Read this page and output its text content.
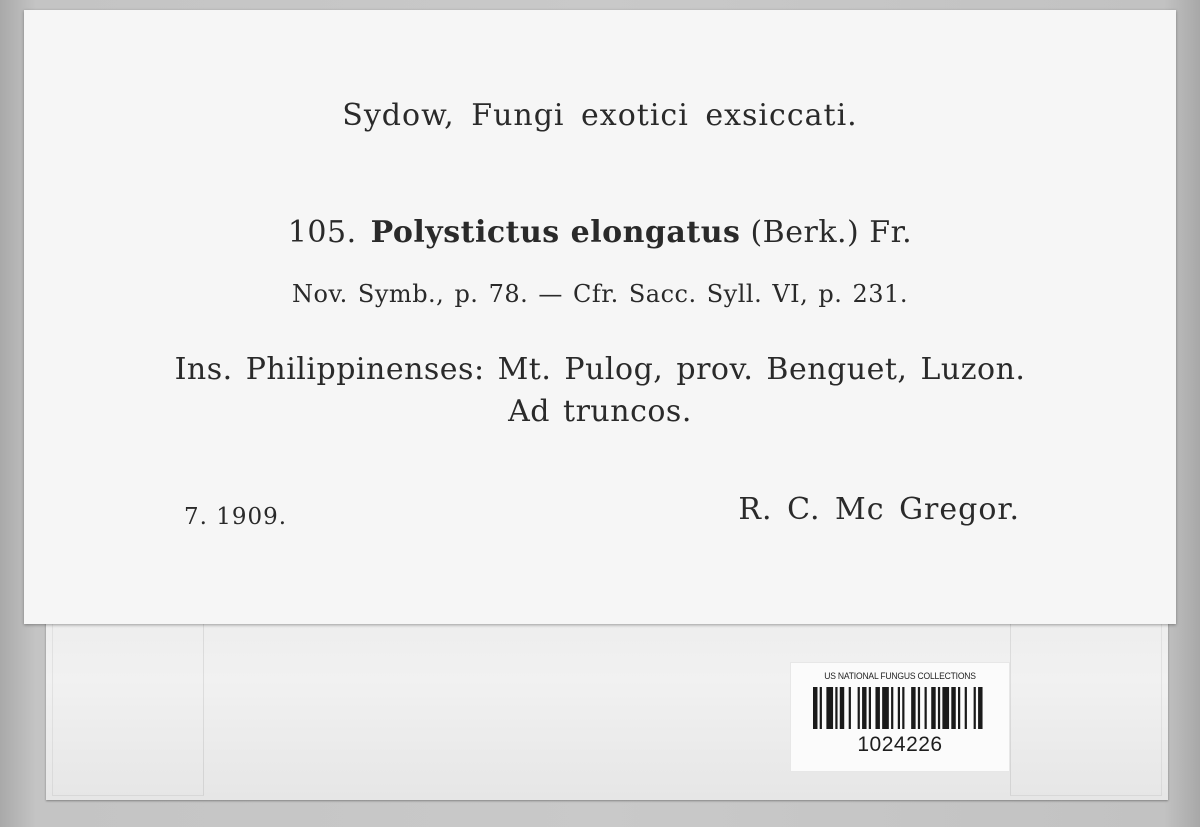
Sydow, Fungi exotici exsiccati.
105. Polystictus elongatus (Berk.) Fr.
Nov. Symb., p. 78. — Cfr. Sacc. Syll. VI, p. 231.
Ins. Philippinenses: Mt. Pulog, prov. Benguet, Luzon.
Ad truncos.
7. 1909.	R. C. Mc Gregor.
US NATIONAL FUNGUS COLLECTIONS
1024226
